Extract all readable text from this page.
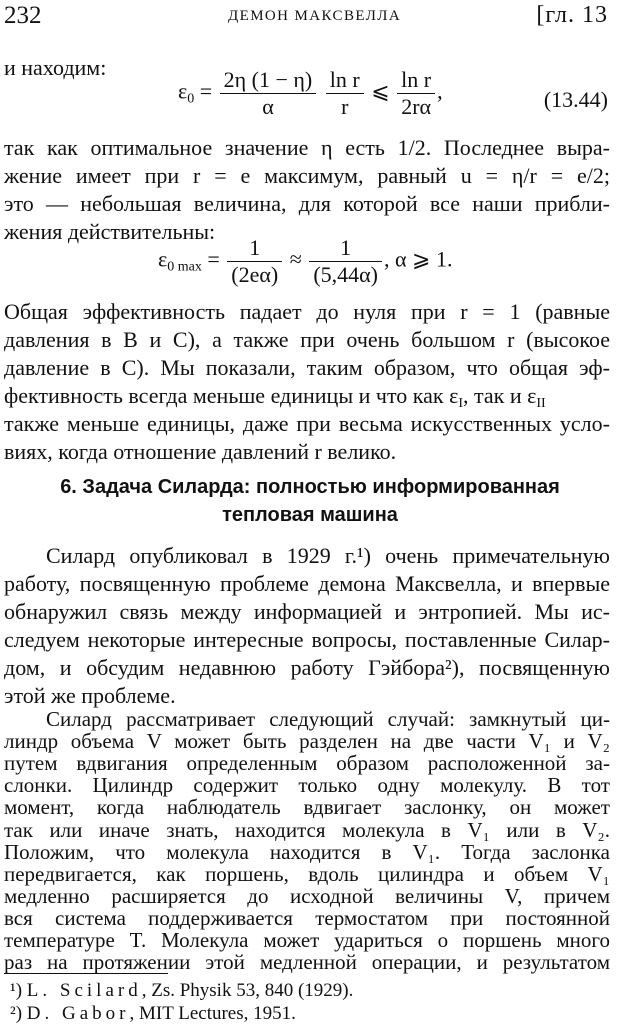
232	ДЕМОН МАКСВЕЛЛА	[гл. 13
и находим:
$\varepsilon_0 = \frac{2\eta (1 - \eta)}{\alpha}$
$\frac{\text{ln r}}{r}$ ⩽ $\frac{\text{ln r}}{2r\alpha}$ ,	(13.44)
так как оптимальное значение η есть 1/2. Последнее выра-
жение имеет при r = e максимум, равный u = η/r = e/2;
это — небольшая величина, для которой все наши прибли-
жения действительны:
$\varepsilon_{0 max} = \frac{1}{(2e\alpha)} \approx \frac{1}{(5,44\alpha)}$ , α ⩾ 1.
Общая эффективность падает до нуля при r = 1 (равные
давления в B и C), а также при очень большом r (высокое
давление в C). Мы показали, таким образом, что общая эф-
фективность всегда меньше единицы и что как $\varepsilon_I$, так и $\varepsilon_{II}$
также меньше единицы, даже при весьма искусственных усло-
виях, когда отношение давлений r велико.
6. Задача Силарда: полностью информированная
тепловая машина
Силард опубликовал в 1929 г.¹) очень примечательную
работу, посвященную проблеме демона Максвелла, и впервые
обнаружил связь между информацией и энтропией. Мы ис-
следуем некоторые интересные вопросы, поставленные Силар-
дом, и обсудим недавнюю работу Гэйбора²), посвященную
этой же проблеме.
¹) L. Scilard, Zs. Physik 53, 840 (1929).
²) D. Gabor, MIT Lectures, 1951.
Силард рассматривает следующий случай: замкнутый ци-
линдр объема V может быть разделен на две части V₁ и V₂
путем вдвигания определенным образом расположенной за-
слонки. Цилиндр содержит только одну молекулу. В тот
момент, когда наблюдатель вдвигает заслонку, он может
так или иначе знать, находится молекула в V₁ или в V₂.
Положим, что молекула находится в V₁. Тогда заслонка
передвигается, как поршень, вдоль цилиндра и объем V₁
медленно расширяется до исходной величины V, причем
вся система поддерживается термостатом при постоянной
температуре T. Молекула может удариться о поршень много
раз на протяжении этой медленной операции, и результатом
